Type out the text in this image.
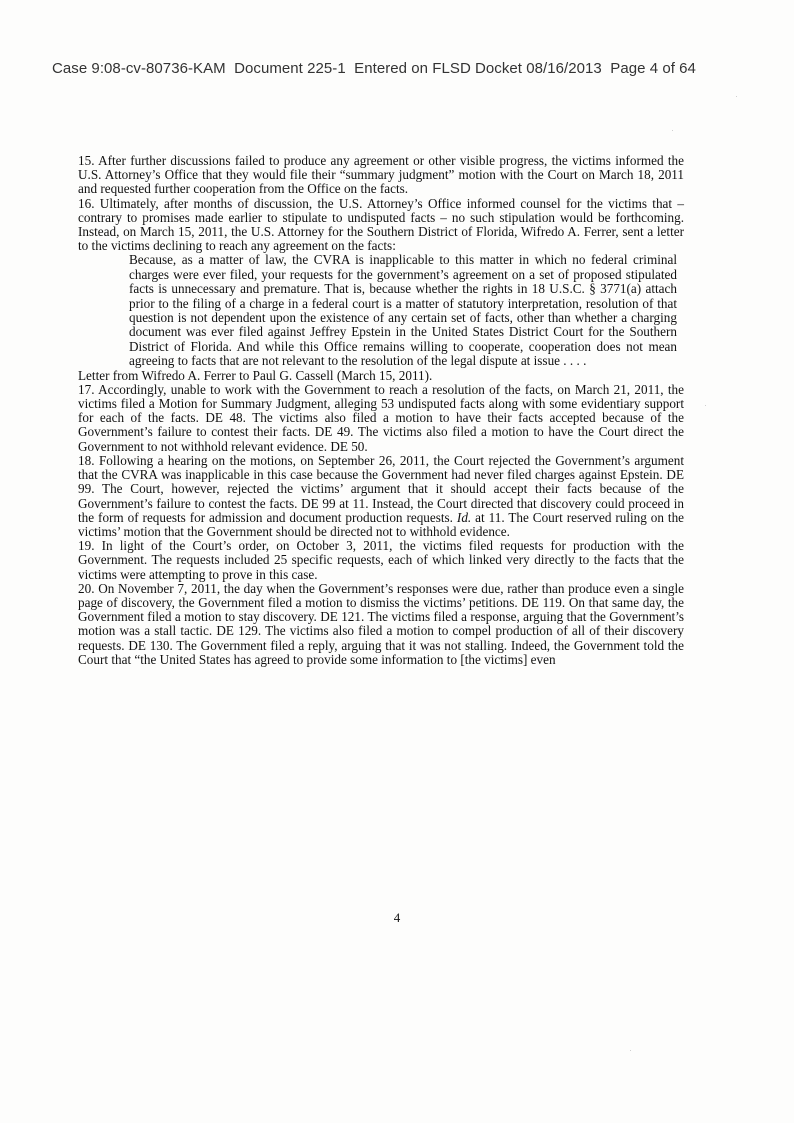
Case 9:08-cv-80736-KAM Document 225-1 Entered on FLSD Docket 08/16/2013 Page 4 of 64

15. After further discussions failed to produce any agreement or other visible progress, the victims informed the U.S. Attorney’s Office that they would file their “summary judgment” motion with the Court on March 18, 2011 and requested further cooperation from the Office on the facts.

16. Ultimately, after months of discussion, the U.S. Attorney’s Office informed counsel for the victims that – contrary to promises made earlier to stipulate to undisputed facts – no such stipulation would be forthcoming. Instead, on March 15, 2011, the U.S. Attorney for the Southern District of Florida, Wifredo A. Ferrer, sent a letter to the victims declining to reach any agreement on the facts:

Because, as a matter of law, the CVRA is inapplicable to this matter in which no federal criminal charges were ever filed, your requests for the government’s agreement on a set of proposed stipulated facts is unnecessary and premature. That is, because whether the rights in 18 U.S.C. § 3771(a) attach prior to the filing of a charge in a federal court is a matter of statutory interpretation, resolution of that question is not dependent upon the existence of any certain set of facts, other than whether a charging document was ever filed against Jeffrey Epstein in the United States District Court for the Southern District of Florida. And while this Office remains willing to cooperate, cooperation does not mean agreeing to facts that are not relevant to the resolution of the legal dispute at issue . . . .

Letter from Wifredo A. Ferrer to Paul G. Cassell (March 15, 2011).

17. Accordingly, unable to work with the Government to reach a resolution of the facts, on March 21, 2011, the victims filed a Motion for Summary Judgment, alleging 53 undisputed facts along with some evidentiary support for each of the facts. DE 48. The victims also filed a motion to have their facts accepted because of the Government’s failure to contest their facts. DE 49. The victims also filed a motion to have the Court direct the Government to not withhold relevant evidence. DE 50.

18. Following a hearing on the motions, on September 26, 2011, the Court rejected the Government’s argument that the CVRA was inapplicable in this case because the Government had never filed charges against Epstein. DE 99. The Court, however, rejected the victims’ argument that it should accept their facts because of the Government’s failure to contest the facts. DE 99 at 11. Instead, the Court directed that discovery could proceed in the form of requests for admission and document production requests. Id. at 11. The Court reserved ruling on the victims’ motion that the Government should be directed not to withhold evidence.

19. In light of the Court’s order, on October 3, 2011, the victims filed requests for production with the Government. The requests included 25 specific requests, each of which linked very directly to the facts that the victims were attempting to prove in this case.

20. On November 7, 2011, the day when the Government’s responses were due, rather than produce even a single page of discovery, the Government filed a motion to dismiss the victims’ petitions. DE 119. On that same day, the Government filed a motion to stay discovery. DE 121. The victims filed a response, arguing that the Government’s motion was a stall tactic. DE 129. The victims also filed a motion to compel production of all of their discovery requests. DE 130. The Government filed a reply, arguing that it was not stalling. Indeed, the Government told the Court that “the United States has agreed to provide some information to [the victims] even

4
